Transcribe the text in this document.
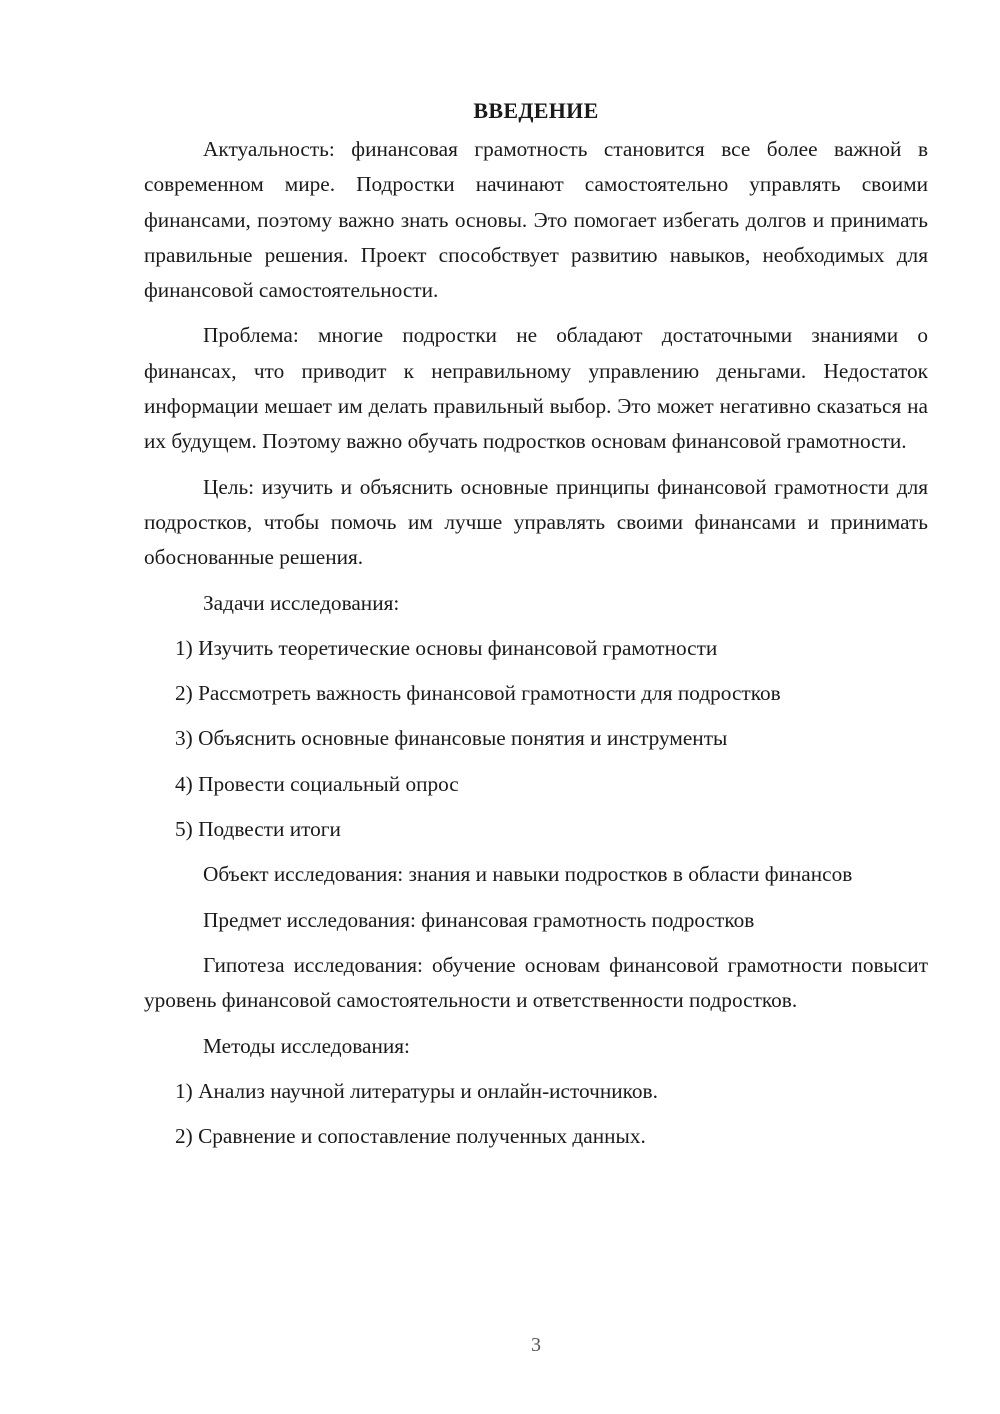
ВВЕДЕНИЕ

Актуальность: финансовая грамотность становится все более важной в современном мире. Подростки начинают самостоятельно управлять своими финансами, поэтому важно знать основы. Это помогает избегать долгов и принимать правильные решения. Проект способствует развитию навыков, необходимых для финансовой самостоятельности.

Проблема: многие подростки не обладают достаточными знаниями о финансах, что приводит к неправильному управлению деньгами. Недостаток информации мешает им делать правильный выбор. Это может негативно сказаться на их будущем. Поэтому важно обучать подростков основам финансовой грамотности.

Цель: изучить и объяснить основные принципы финансовой грамотности для подростков, чтобы помочь им лучше управлять своими финансами и принимать обоснованные решения.

Задачи исследования:

1) Изучить теоретические основы финансовой грамотности

2) Рассмотреть важность финансовой грамотности для подростков

3) Объяснить основные финансовые понятия и инструменты

4) Провести социальный опрос

5) Подвести итоги

Объект исследования: знания и навыки подростков в области финансов

Предмет исследования: финансовая грамотность подростков

Гипотеза исследования: обучение основам финансовой грамотности повысит уровень финансовой самостоятельности и ответственности подростков.

Методы исследования:

1) Анализ научной литературы и онлайн-источников.

2) Сравнение и сопоставление полученных данных.

3
